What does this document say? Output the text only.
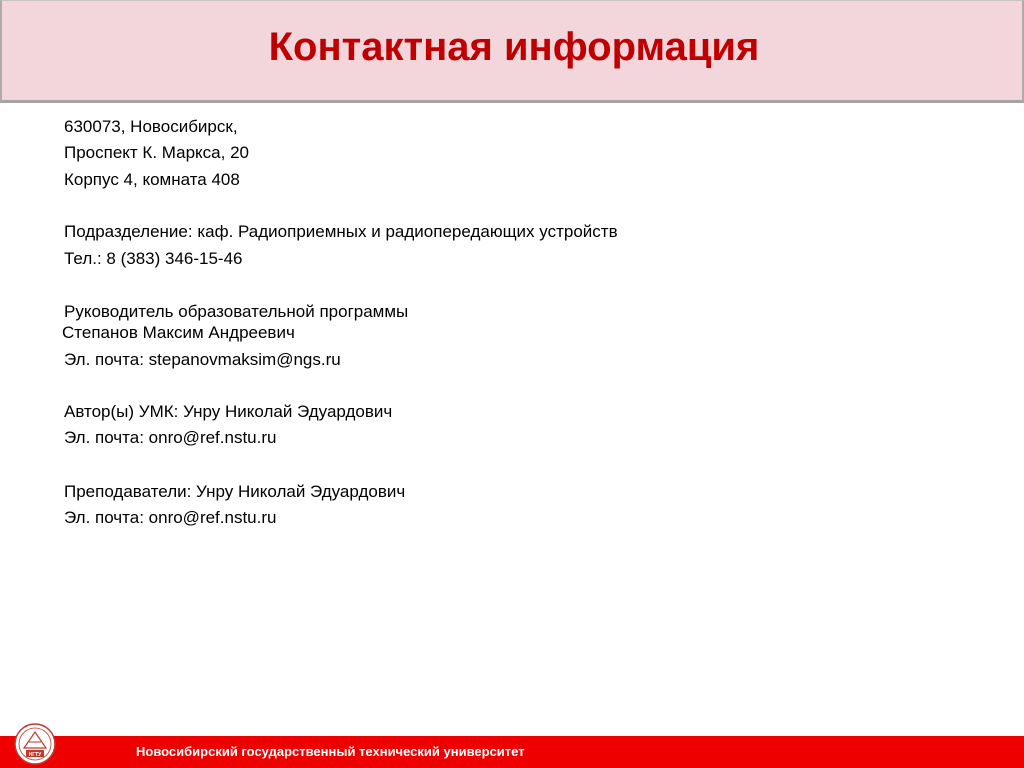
Контактная информация
630073, Новосибирск,
Проспект К. Маркса, 20
Корпус 4, комната 408
Подразделение: каф. Радиоприемных и радиопередающих устройств
Тел.: 8 (383) 346-15-46
Руководитель образовательной программы
Степанов Максим Андреевич
Эл. почта: stepanovmaksim@ngs.ru
Автор(ы) УМК: Унру Николай Эдуардович
Эл. почта: onro@ref.nstu.ru
Преподаватели: Унру Николай Эдуардович
Эл. почта: onro@ref.nstu.ru
Новосибирский государственный технический университет
НГТУ
